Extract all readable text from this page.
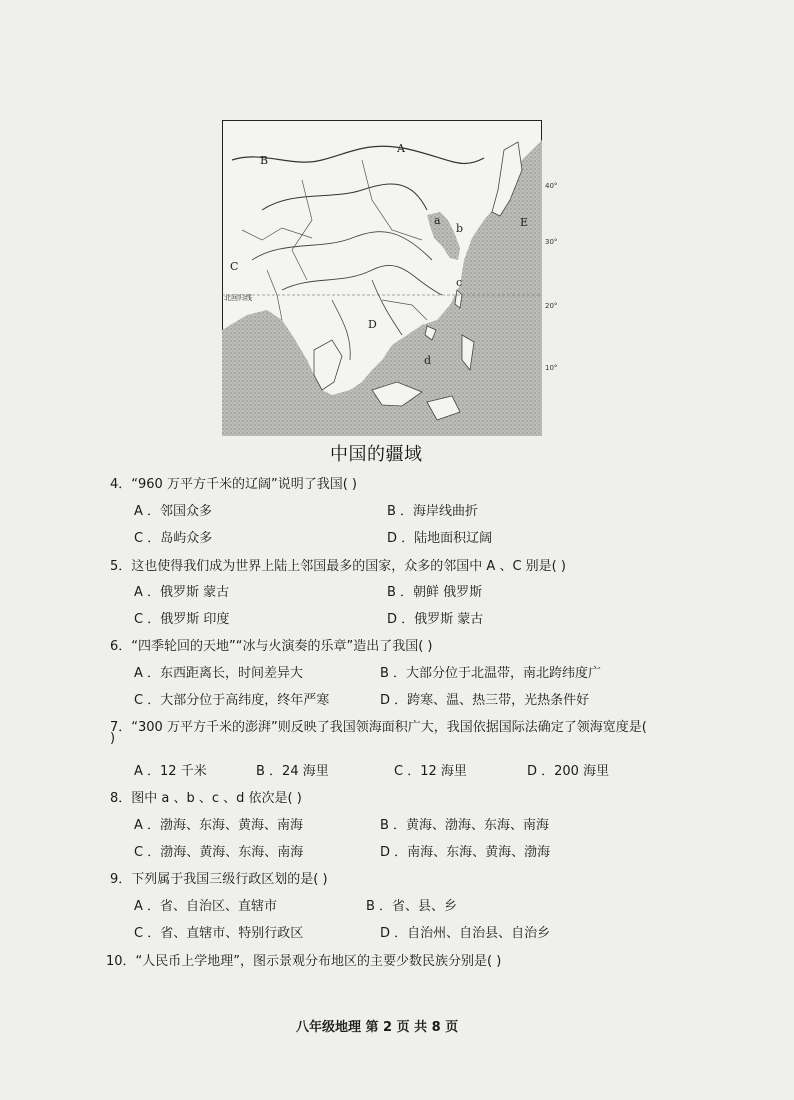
40°
30°
20°
10°
A
B
C
D
E
a
b
c
d
北回归线
中国的疆域
4．“960 万平方千米的辽阔”说明了我国( )
A ．邻国众多	B ．海岸线曲折
C ．岛屿众多	D ．陆地面积辽阔
5．这也使得我们成为世界上陆上邻国最多的国家，众多的邻国中 A 、C 别是( )
A ．俄罗斯 蒙古	B ．朝鲜 俄罗斯
C ．俄罗斯 印度	D ．俄罗斯 蒙古
6．“四季轮回的天地”“冰与火演奏的乐章”造出了我国( )
A ．东西距离长，时间差异大	B ．大部分位于北温带，南北跨纬度广
C ．大部分位于高纬度，终年严寒	D ．跨寒、温、热三带，光热条件好
7．“300 万平方千米的澎湃”则反映了我国领海面积广大，我国依据国际法确定了领海宽度是(
)
A ．12 千米	B ．24 海里	C ．12 海里	D ．200 海里
8．图中 a 、b 、c 、d 依次是( )
A ．渤海、东海、黄海、南海	B ．黄海、渤海、东海、南海
C ．渤海、黄海、东海、南海	D ．南海、东海、黄海、渤海
9．下列属于我国三级行政区划的是( )
A ．省、自治区、直辖市	B ．省、县、乡
C ．省、直辖市、特别行政区	D ．自治州、自治县、自治乡
10．“人民币上学地理”，图示景观分布地区的主要少数民族分别是( )
八年级地理 第 2 页 共 8 页
